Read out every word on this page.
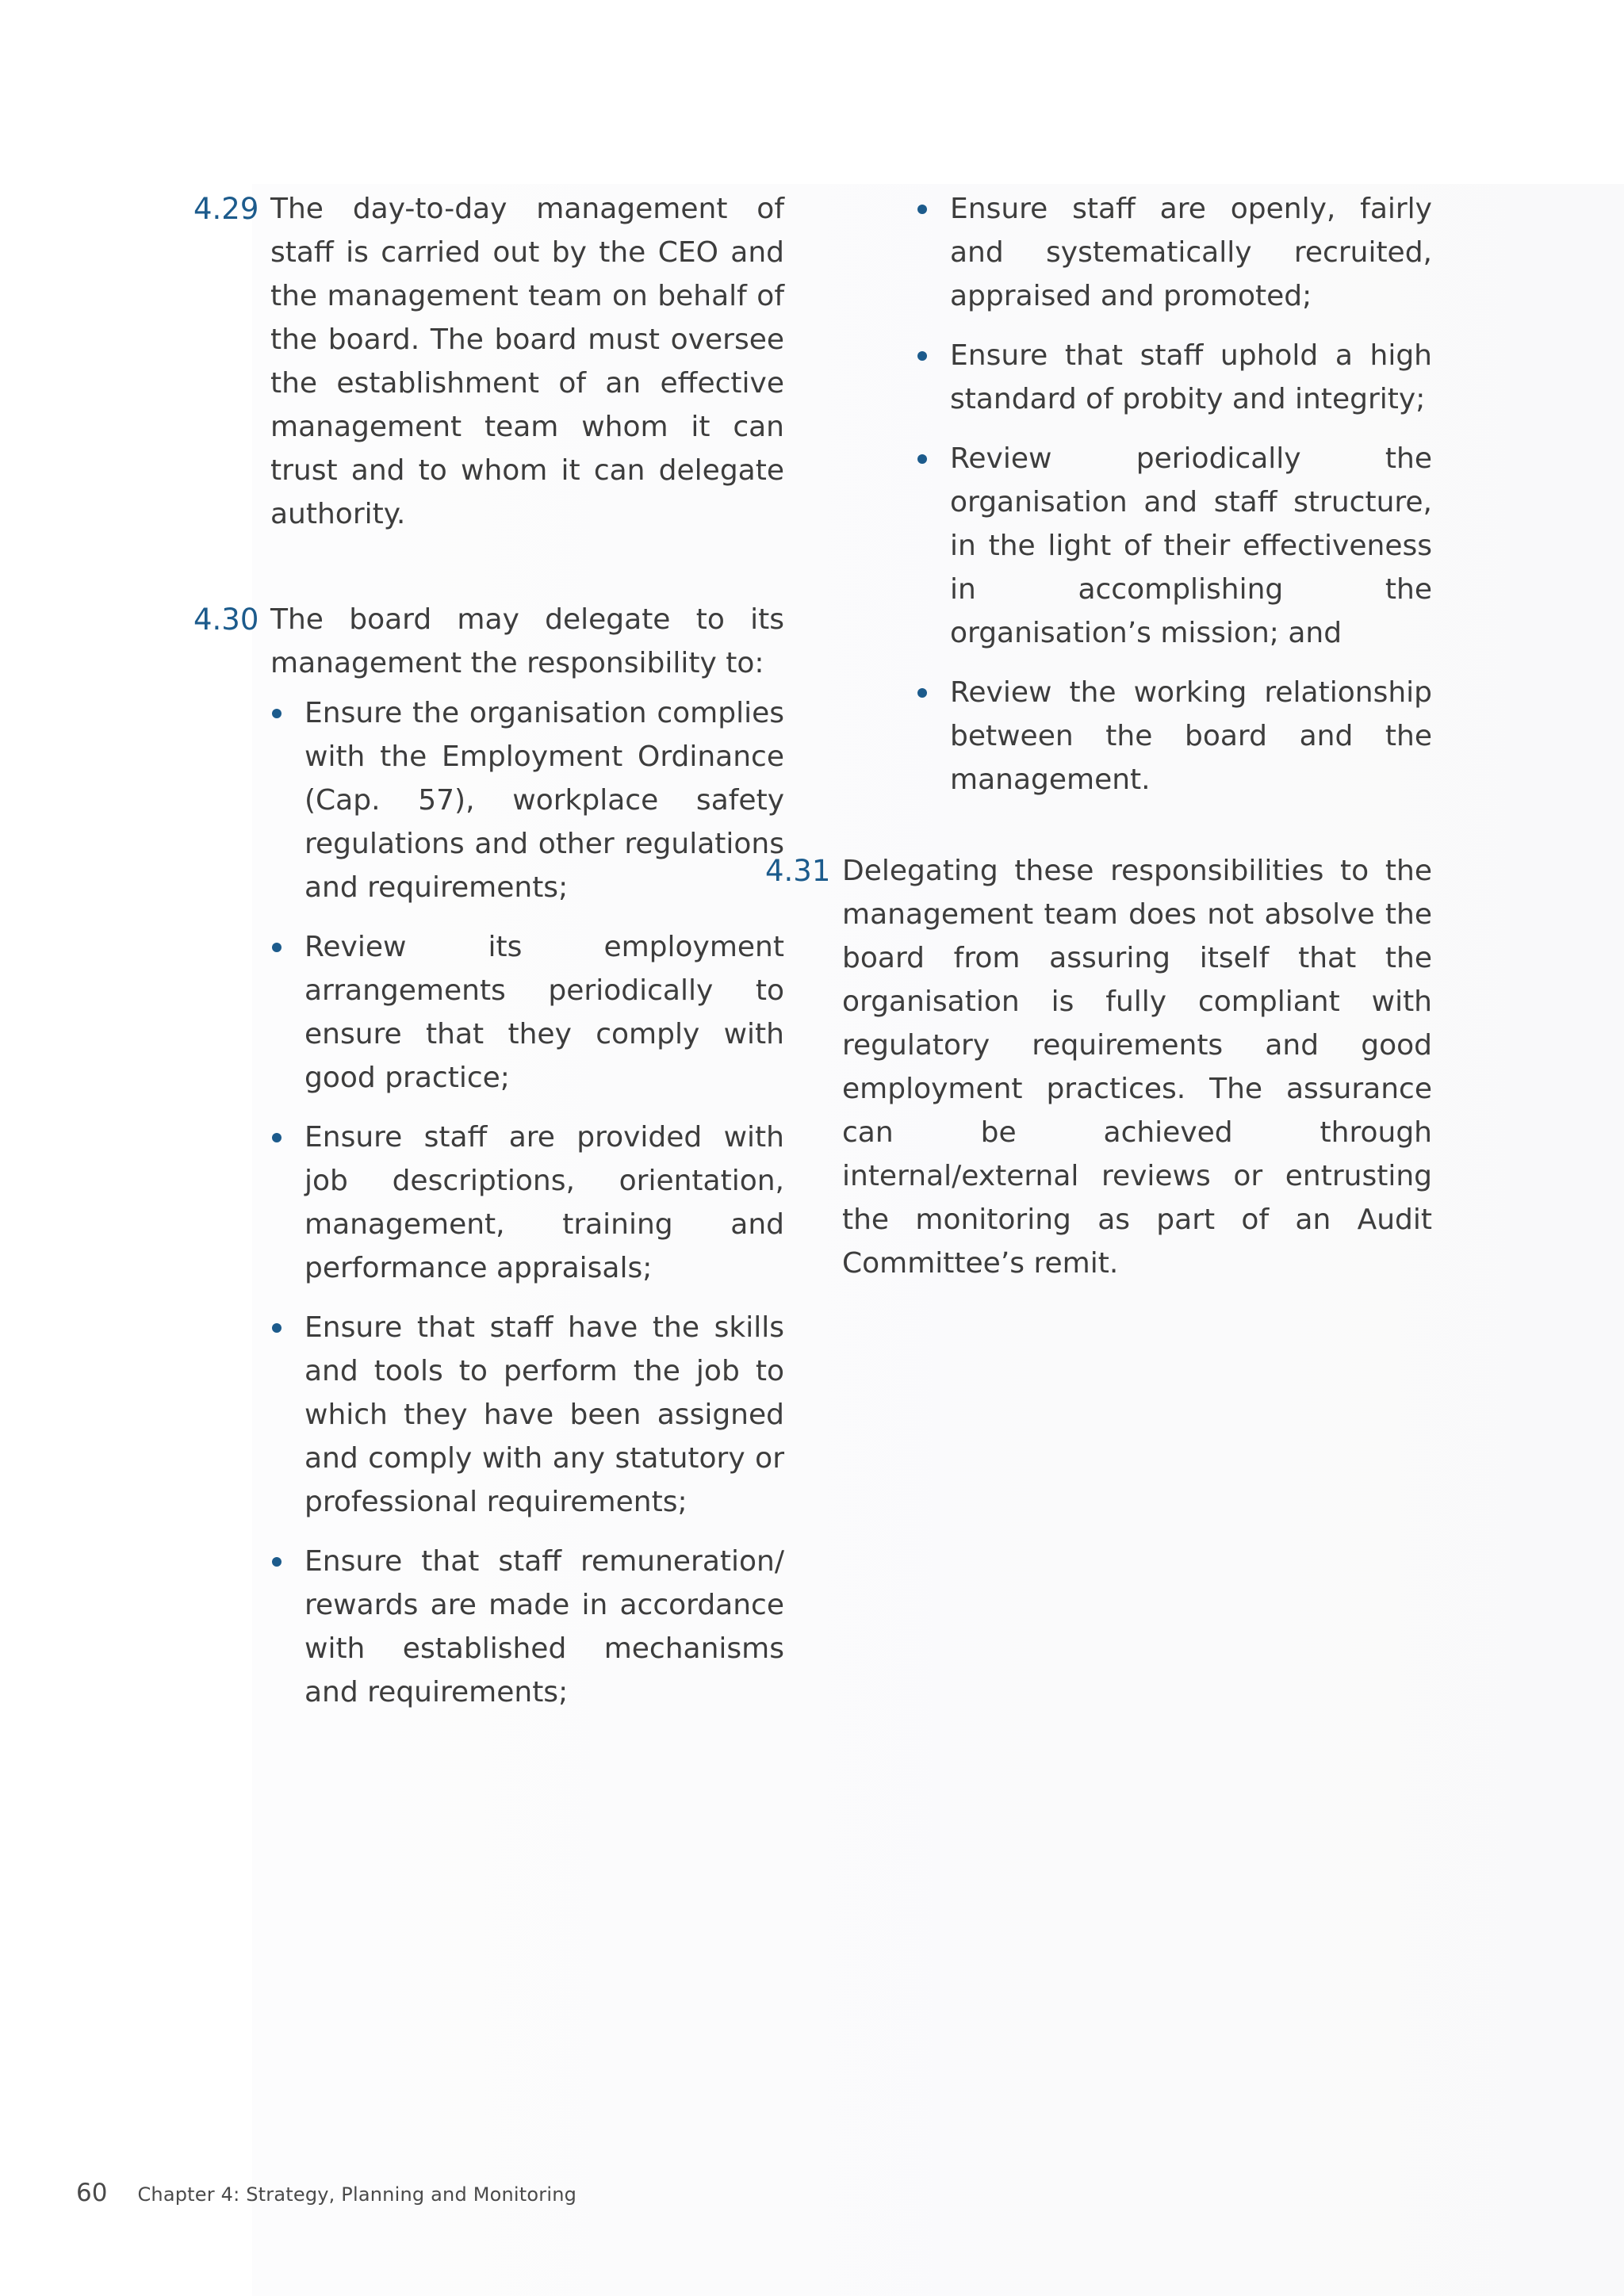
4.29 The day-to-day management of staff is carried out by the CEO and the management team on behalf of the board. The board must oversee the establishment of an effective management team whom it can trust and to whom it can delegate authority.
4.30 The board may delegate to its management the responsibility to:
Ensure the organisation complies with the Employment Ordinance (Cap. 57), workplace safety regulations and other regulations and requirements;
Review its employment arrangements periodically to ensure that they comply with good practice;
Ensure staff are provided with job descriptions, orientation, management, training and performance appraisals;
Ensure that staff have the skills and tools to perform the job to which they have been assigned and comply with any statutory or professional requirements;
Ensure that staff remuneration/ rewards are made in accordance with established mechanisms and requirements;
Ensure staff are openly, fairly and systematically recruited, appraised and promoted;
Ensure that staff uphold a high standard of probity and integrity;
Review periodically the organisation and staff structure, in the light of their effectiveness in accomplishing the organisation’s mission; and
Review the working relationship between the board and the management.
4.31 Delegating these responsibilities to the management team does not absolve the board from assuring itself that the organisation is fully compliant with regulatory requirements and good employment practices. The assurance can be achieved through internal/external reviews or entrusting the monitoring as part of an Audit Committee’s remit.
60 Chapter 4: Strategy, Planning and Monitoring
